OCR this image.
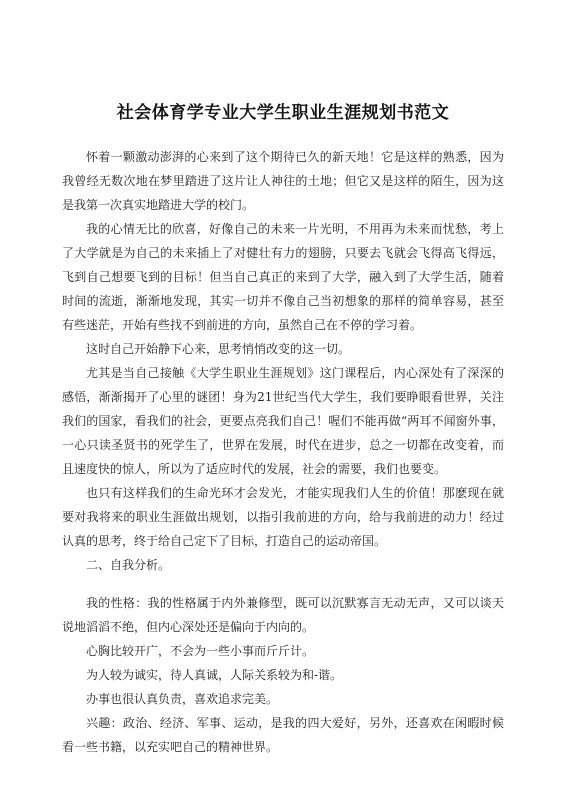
社会体育学专业大学生职业生涯规划书范文

怀着一颗激动澎湃的心来到了这个期待已久的新天地！它是这样的熟悉，因为我曾经无数次地在梦里踏进了这片让人神往的土地；但它又是这样的陌生，因为这是我第一次真实地踏进大学的校门。

我的心情无比的欣喜，好像自己的未来一片光明，不用再为未来而忧愁，考上了大学就是为自己的未来插上了对健壮有力的翅膀，只要去飞就会飞得高飞得远，飞到自己想要飞到的目标！但当自己真正的来到了大学，融入到了大学生活，随着时间的流逝，渐渐地发现，其实一切并不像自己当初想象的那样的简单容易，甚至有些迷茫，开始有些找不到前进的方向，虽然自己在不停的学习着。

这时自己开始静下心来，思考悄悄改变的这一切。

尤其是当自己接触《大学生职业生涯规划》这门课程后，内心深处有了深深的感悟，渐渐揭开了心里的谜团！身为21世纪当代大学生，我们要睁眼看世界，关注我们的国家，看我们的社会，更要点亮我们自己！喔们不能再做“两耳不闻窗外事，一心只读圣贤书的死学生了，世界在发展，时代在进步，总之一切都在改变着，而且速度快的惊人，所以为了适应时代的发展，社会的需要，我们也要变。

也只有这样我们的生命光环才会发光，才能实现我们人生的价值！那麽现在就要对我将来的职业生涯做出规划，以指引我前进的方向，给与我前进的动力！经过认真的思考，终于给自己定下了目标，打造自己的运动帝国。

二、自我分析。

我的性格：我的性格属于内外兼修型，既可以沉默寡言无动无声，又可以谈天说地滔滔不绝，但内心深处还是偏向于内向的。

心胸比较开广，不会为一些小事而斤斤计。

为人较为诚实，待人真诚，人际关系较为和-谐。

办事也很认真负责，喜欢追求完美。

兴趣：政治、经济、军事、运动，是我的四大爱好，另外，还喜欢在闲暇时候看一些书籍，以充实吧自己的精神世界。
